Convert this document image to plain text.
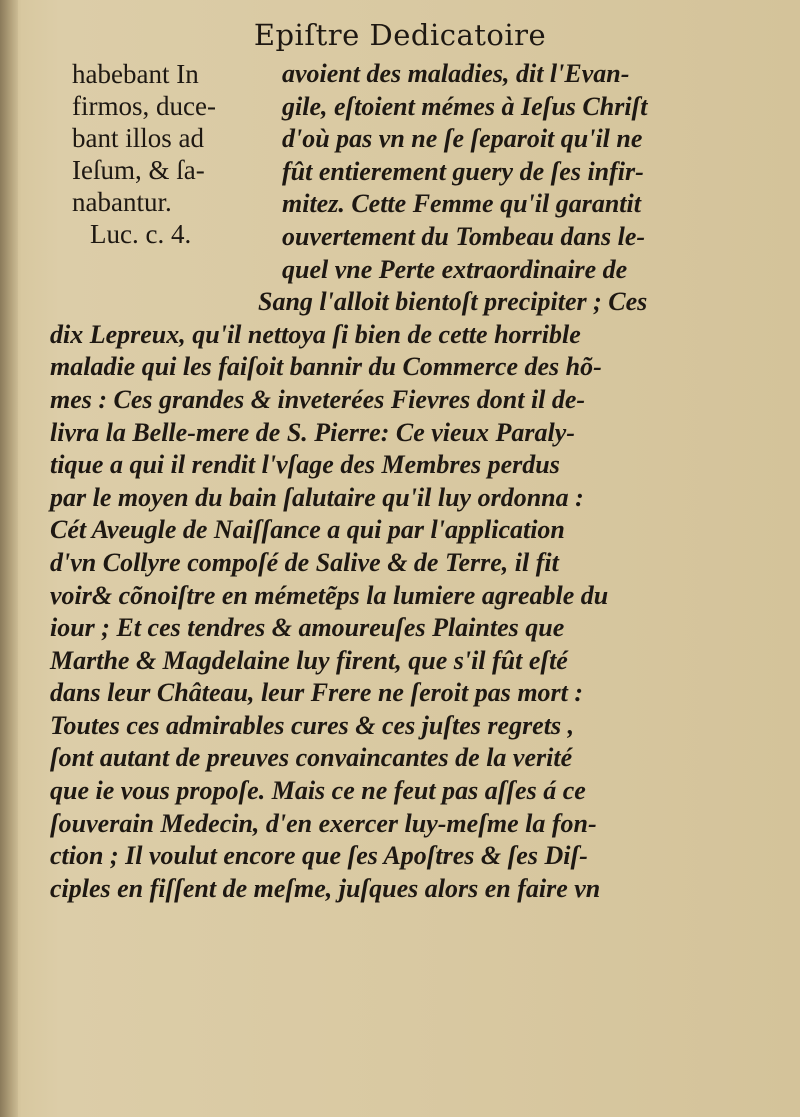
Epiſtre Dedicatoire
habebant In
firmos, duce-
bant illos ad
Ieſum, & ſa-
nabantur.
Luc. c. 4.
avoient des maladies, dit l'Evan-
gile, eſtoient mémes à Ieſus Chriſt
d'où pas vn ne ſe ſeparoit qu'il ne
fût entierement guery de ſes infir-
mitez. Cette Femme qu'il garantit
ouvertement du Tombeau dans le-
quel vne Perte extraordinaire de
Sang l'alloit bientoſt precipiter ; Ces
dix Lepreux, qu'il nettoya ſi bien de cette horrible
maladie qui les faiſoit bannir du Commerce des hõ-
mes : Ces grandes & inveterées Fievres dont il de-
livra la Belle-mere de S. Pierre: Ce vieux Paraly-
tique a qui il rendit l'vſage des Membres perdus
par le moyen du bain ſalutaire qu'il luy ordonna :
Cét Aveugle de Naiſſance a qui par l'application
d'vn Collyre compoſé de Salive & de Terre, il fit
voir& cõnoiſtre en mémetẽps la lumiere agreable du
iour ; Et ces tendres & amoureuſes Plaintes que
Marthe & Magdelaine luy firent, que s'il fût eſté
dans leur Château, leur Frere ne ſeroit pas mort :
Toutes ces admirables cures & ces juſtes regrets ,
ſont autant de preuves convaincantes de la verité
que ie vous propoſe. Mais ce ne feut pas aſſes á ce
ſouverain Medecin, d'en exercer luy-meſme la fon-
ction ; Il voulut encore que ſes Apoſtres & ſes Diſ-
ciples en fiſſent de meſme, juſques alors en faire vn
